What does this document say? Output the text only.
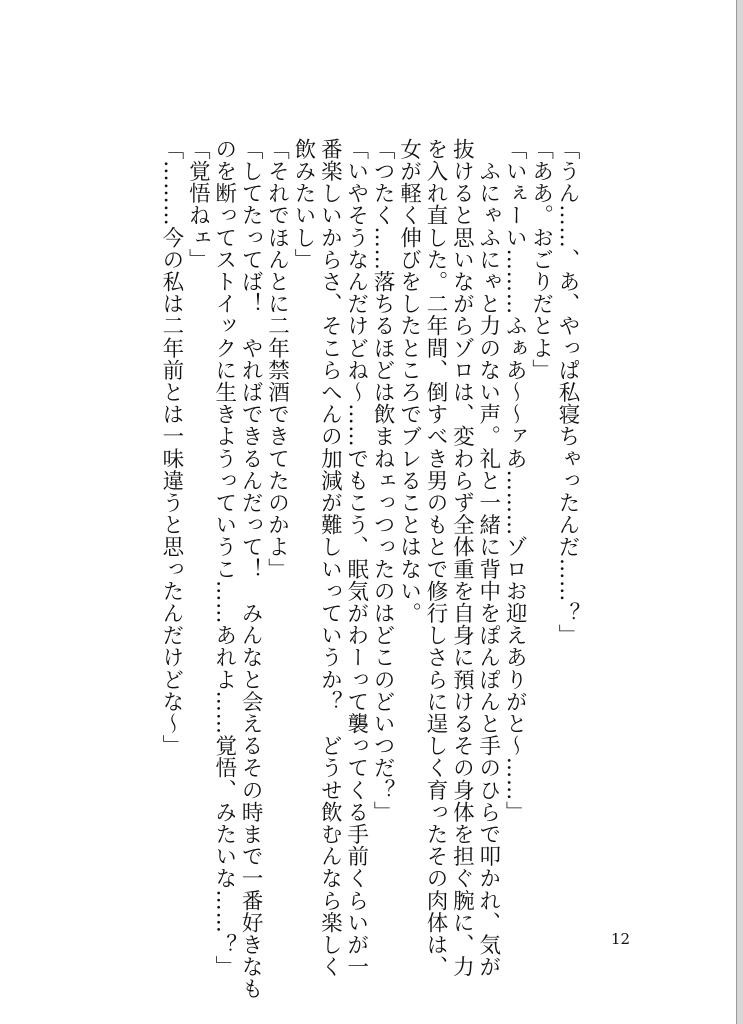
「うん……、あ、やっぱ私寝ちゃったんだ……？」
「ああ。おごりだとよ」
「いぇーい………ふぁあ～～ァあ………ゾロお迎えありがと～……」
　ふにゃふにゃと力のない声。礼と一緒に背中をぽんぽんと手のひらで叩かれ、気が
抜けると思いながらゾロは、変わらず全体重を自身に預けるその身体を担ぐ腕に、力
を入れ直した。二年間、倒すべき男のもとで修行しさらに逞しく育ったその肉体は、
女が軽く伸びをしたところでブレることはない。
「つたく……落ちるほどは飲まねェっつったのはどこのどいつだ？」
「いやそうなんだけどね～……でもこう、眠気がわーって襲ってくる手前くらいが一
番楽しいからさ、そこらへんの加減が難しいっていうか？　どうせ飲むんなら楽しく
飲みたいし」
「それでほんとに二年禁酒できてたのかよ」
「してたってば！　やればできるんだって！　みんなと会えるその時まで一番好きなも
のを断ってストイックに生きようっていうこ……あれよ……覚悟、みたいな……？」
「覚悟ねェ」
「………今の私は二年前とは一味違うと思ったんだけどな～」
12
